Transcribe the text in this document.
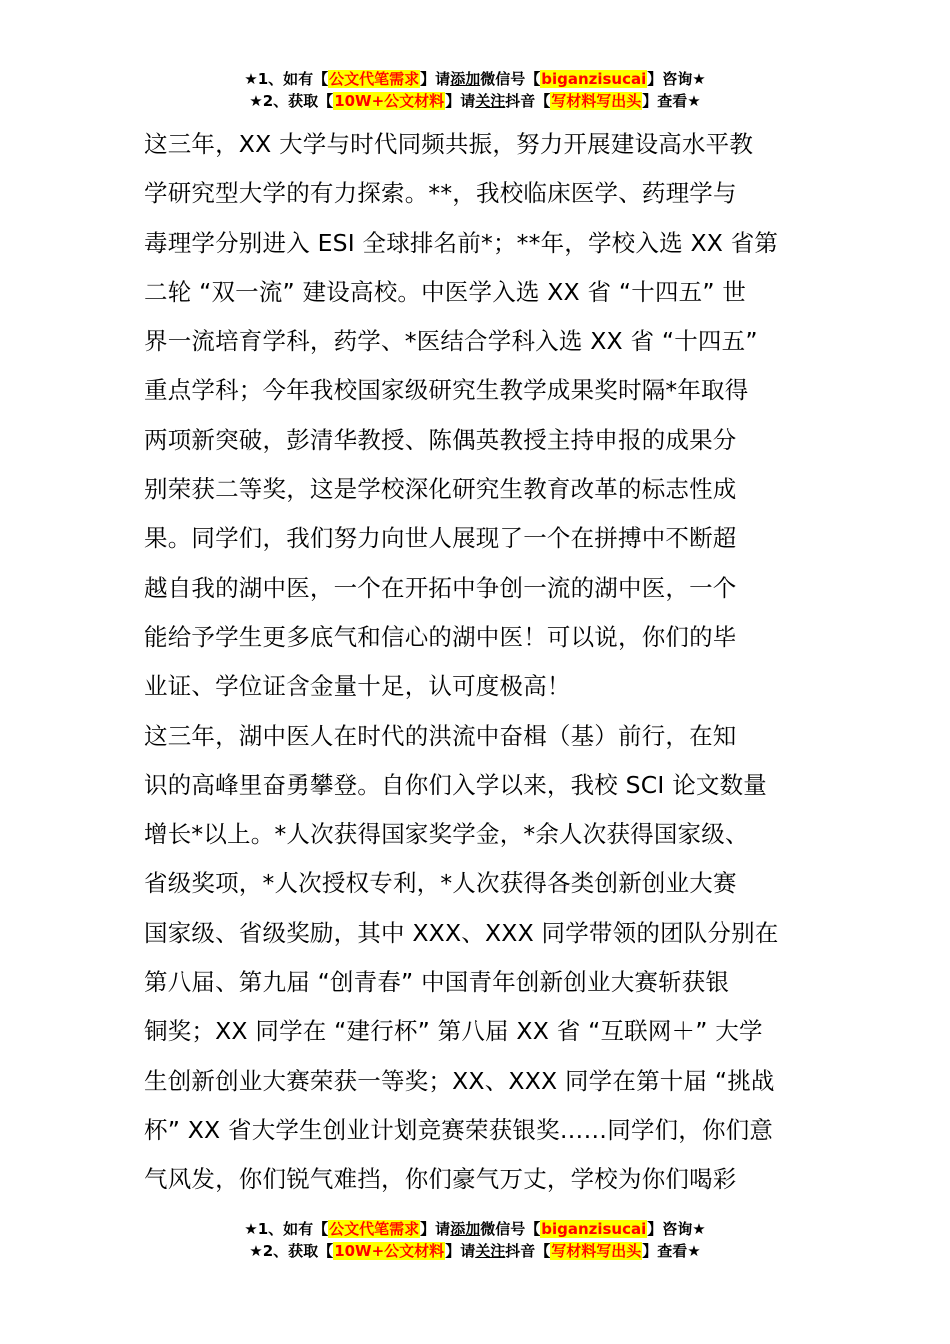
★1、如有【公文代笔需求】请添加微信号【biganzisucai】咨询★
★2、获取【10W+公文材料】请关注抖音【写材料写出头】查看★
这三年，XX 大学与时代同频共振，努力开展建设高水平教
学研究型大学的有力探索。**，我校临床医学、药理学与
毒理学分别进入 ESI 全球排名前*；**年，学校入选 XX 省第
二轮 “双一流” 建设高校。中医学入选 XX 省 “十四五” 世
界一流培育学科，药学、*医结合学科入选 XX 省 “十四五”
重点学科；今年我校国家级研究生教学成果奖时隔*年取得
两项新突破，彭清华教授、陈偶英教授主持申报的成果分
别荣获二等奖，这是学校深化研究生教育改革的标志性成
果。同学们，我们努力向世人展现了一个在拼搏中不断超
越自我的湖中医，一个在开拓中争创一流的湖中医，一个
能给予学生更多底气和信心的湖中医！可以说，你们的毕
业证、学位证含金量十足，认可度极高！
这三年，湖中医人在时代的洪流中奋楫（基）前行，在知
识的高峰里奋勇攀登。自你们入学以来，我校 SCI 论文数量
增长*以上。*人次获得国家奖学金，*余人次获得国家级、
省级奖项，*人次授权专利，*人次获得各类创新创业大赛
国家级、省级奖励，其中 XXX、XXX 同学带领的团队分别在
第八届、第九届 “创青春” 中国青年创新创业大赛斩获银
铜奖；XX 同学在 “建行杯” 第八届 XX 省 “互联网＋” 大学
生创新创业大赛荣获一等奖；XX、XXX 同学在第十届 “挑战
杯” XX 省大学生创业计划竞赛荣获银奖……同学们，你们意
气风发，你们锐气难挡，你们豪气万丈，学校为你们喝彩
★1、如有【公文代笔需求】请添加微信号【biganzisucai】咨询★
★2、获取【10W+公文材料】请关注抖音【写材料写出头】查看★
